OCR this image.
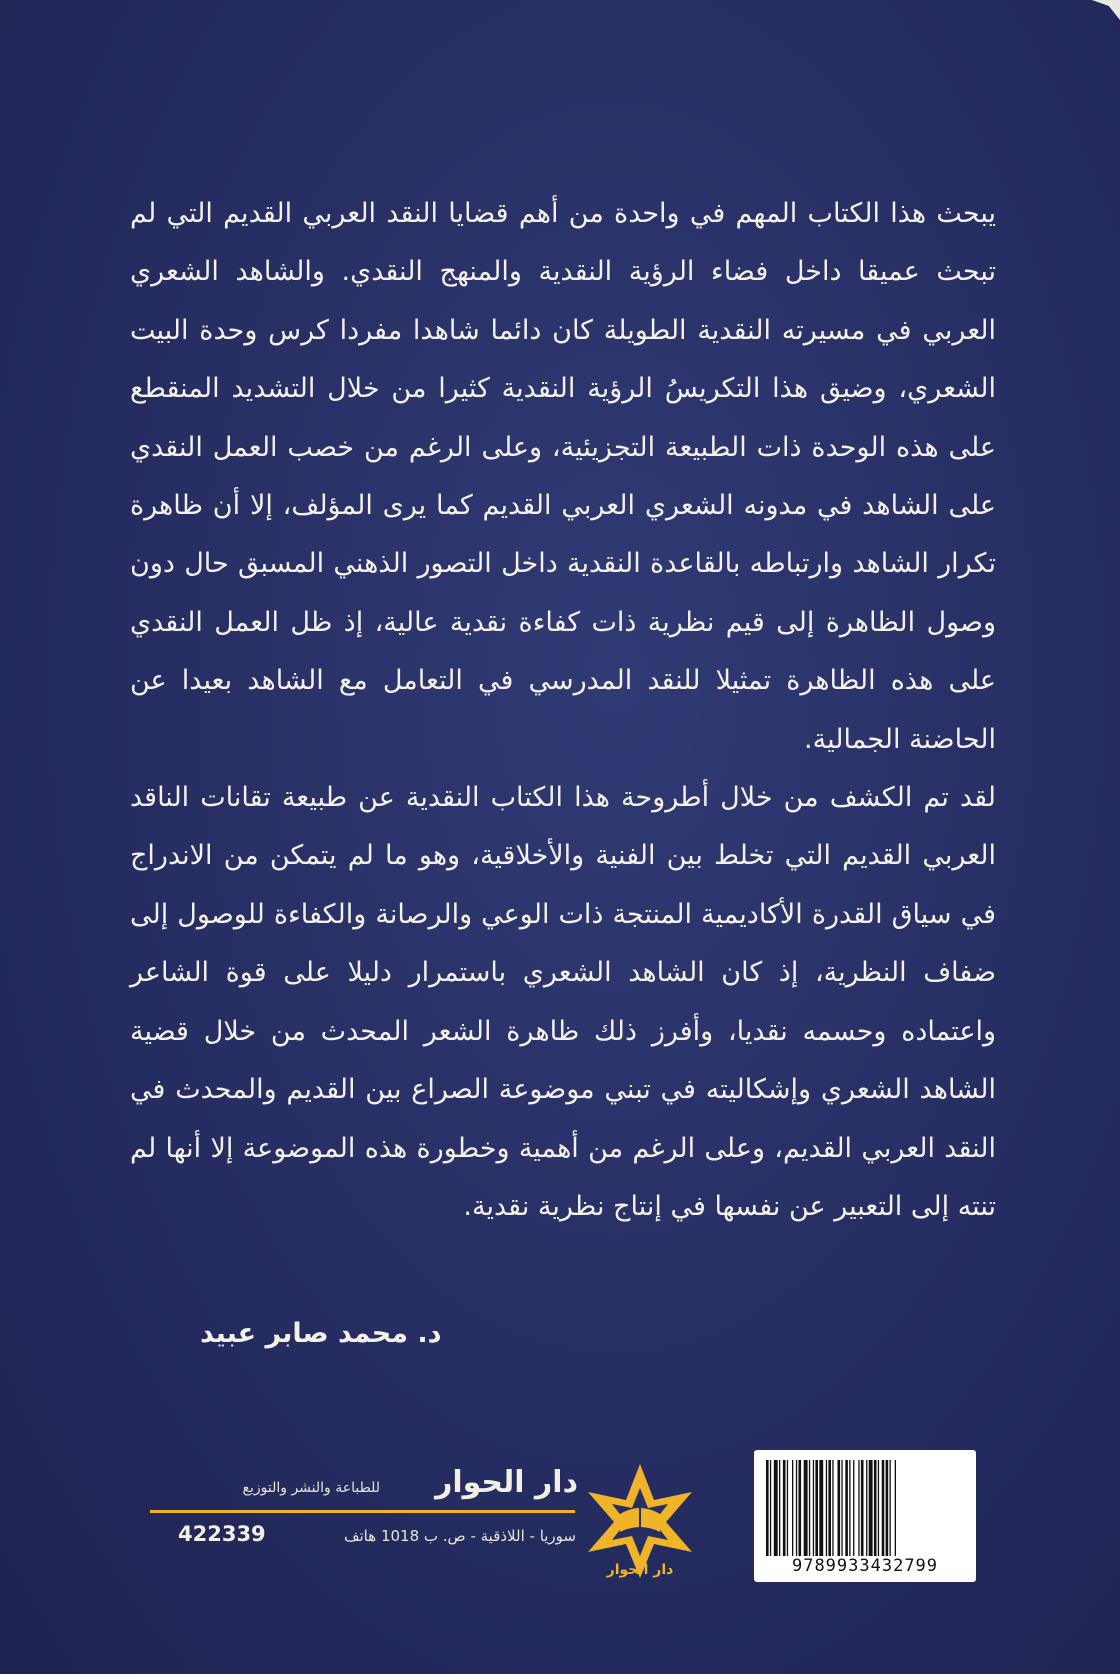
يبحث هذا الكتاب المهم في واحدة من أهم قضايا النقد العربي القديم التي لم تبحث عميقا داخل فضاء الرؤية النقدية والمنهج النقدي. والشاهد الشعري العربي في مسيرته النقدية الطويلة كان دائما شاهدا مفردا كرس وحدة البيت الشعري، وضيق هذا التكريسُ الرؤية النقدية كثيرا من خلال التشديد المنقطع على هذه الوحدة ذات الطبيعة التجزيئية، وعلى الرغم من خصب العمل النقدي على الشاهد في مدونه الشعري العربي القديم كما يرى المؤلف، إلا أن ظاهرة تكرار الشاهد وارتباطه بالقاعدة النقدية داخل التصور الذهني المسبق حال دون وصول الظاهرة إلى قيم نظرية ذات كفاءة نقدية عالية، إذ ظل العمل النقدي على هذه الظاهرة تمثيلا للنقد المدرسي في التعامل مع الشاهد بعيدا عن الحاضنة الجمالية.

لقد تم الكشف من خلال أطروحة هذا الكتاب النقدية عن طبيعة تقانات الناقد العربي القديم التي تخلط بين الفنية والأخلاقية، وهو ما لم يتمكن من الاندراج في سياق القدرة الأكاديمية المنتجة ذات الوعي والرصانة والكفاءة للوصول إلى ضفاف النظرية، إذ كان الشاهد الشعري باستمرار دليلا على قوة الشاعر واعتماده وحسمه نقديا، وأفرز ذلك ظاهرة الشعر المحدث من خلال قضية الشاهد الشعري وإشكاليته في تبني موضوعة الصراع بين القديم والمحدث في النقد العربي القديم، وعلى الرغم من أهمية وخطورة هذه الموضوعة إلا أنها لم تنته إلى التعبير عن نفسها في إنتاج نظرية نقدية.

د. محمد صابر عبيد
للطباعة والنشر والتوزيع	دار الحوار
422339	سوريا - اللاذقية - ص. ب 1018 هاتف
دار الحوار	9789933432799
